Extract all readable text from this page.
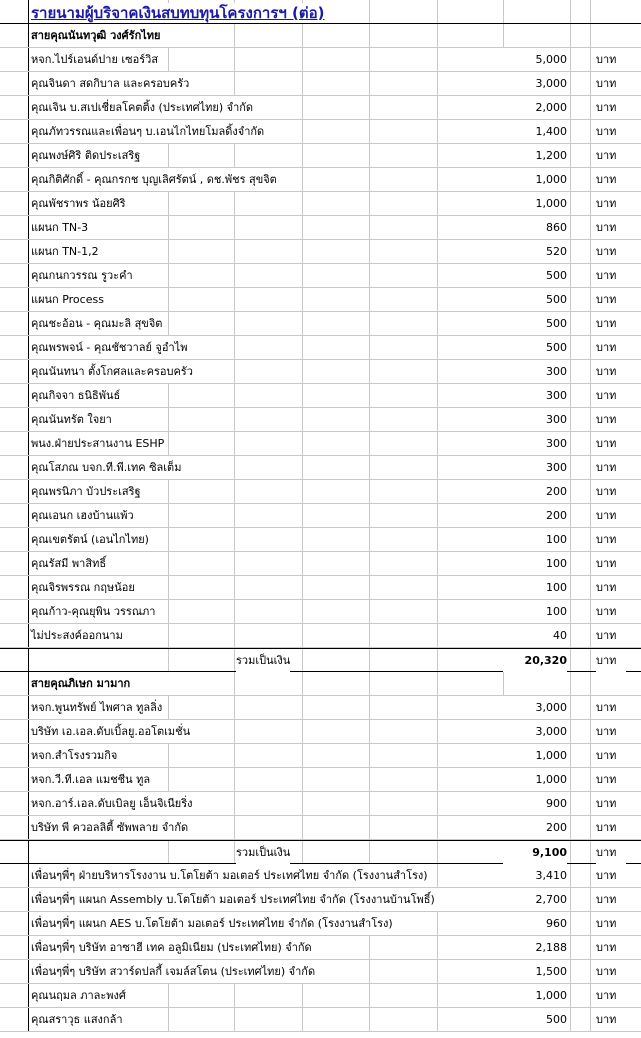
รายนามผู้บริจาคเงินสบทบทุนโครงการฯ (ต่อ)
สายคุณนันทวุฒิ วงศ์รักไทย
หจก.ไปร์เอนด์ปาย เซอร์วิส	5,000	บาท
คุณจินดา สดกิบาล และครอบครัว	3,000	บาท
คุณเจิน บ.สเปเชี่ยลโคตติ้ง (ประเทศไทย) จำกัด	2,000	บาท
คุณภัทวรรณและเพื่อนๆ บ.เอนไกไทยโมลดิ้งจำกัด	1,400	บาท
คุณพงษ์ศิริ ติดประเสริฐ	1,200	บาท
คุณกิติศักดิ์ - คุณกรกช บุญเลิศรัตน์ , ดช.พัชร สุขจิต	1,000	บาท
คุณพัชราพร น้อยศิริ	1,000	บาท
แผนก TN-3	860	บาท
แผนก TN-1,2	520	บาท
คุณกนกวรรณ รูวะคำ	500	บาท
แผนก Process	500	บาท
คุณชะอ้อน - คุณมะลิ สุขจิต	500	บาท
คุณพรพจน์ - คุณชัชวาลย์ จูอำไพ	500	บาท
คุณนันทนา ตั้งโกศลและครอบครัว	300	บาท
คุณกิจจา ธนิธิพันธ์	300	บาท
คุณนันทรัต ใจยา	300	บาท
พนง.ฝ่ายประสานงาน ESHP	300	บาท
คุณโสภณ บจก.ที.พี.เทค ซิลเต็ม	300	บาท
คุณพรนิภา บัวประเสริฐ	200	บาท
คุณเอนก เฮงบ้านแพ้ว	200	บาท
คุณเขตรัตน์ (เอนไกไทย)	100	บาท
คุณรัสมี พาสิทธิ์	100	บาท
คุณจิรพรรณ กฤษน้อย	100	บาท
คุณก้าว-คุณยุพิน วรรณภา	100	บาท
ไม่ประสงค์ออกนาม	40	บาท
รวมเป็นเงิน	20,320	บาท
สายคุณภิเษก มามาก
หจก.พูนทรัพย์ ไพศาล ทูลลิ่ง	3,000	บาท
บริษัท เอ.เอล.ดับเบิ้ลยู.ออโตเมชั่น	3,000	บาท
หจก.สำโรงรวมกิจ	1,000	บาท
หจก.วี.ที.เอล แมชชีน ทูล	1,000	บาท
หจก.อาร์.เอล.ดับเบิลยู เอ็นจิเนียริ่ง	900	บาท
บริษัท พี ควอลลิตี้ ซัพพลาย จำกัด	200	บาท
รวมเป็นเงิน	9,100	บาท
เพื่อนๆพี่ๆ ฝ่ายบริหารโรงงาน บ.โตโยต้า มอเตอร์ ประเทศไทย จำกัด (โรงงานสำโรง)	3,410	บาท
เพื่อนๆพี่ๆ แผนก Assembly บ.โตโยต้า มอเตอร์ ประเทศไทย จำกัด (โรงงานบ้านโพธิ์)	2,700	บาท
เพื่อนๆพี่ๆ แผนก AES บ.โตโยต้า มอเตอร์ ประเทศไทย จำกัด (โรงงานสำโรง)	960	บาท
เพื่อนๆพี่ๆ บริษัท อาซาฮี เทค อลูมิเนียม (ประเทศไทย) จำกัด	2,188	บาท
เพื่อนๆพี่ๆ บริษัท สวาร์ดปลกี้ เจมล์สโตน (ประเทศไทย) จำกัด	1,500	บาท
คุณนฤมล ภาละพงศ์	1,000	บาท
คุณสราวุธ แสงกล้า	500	บาท
